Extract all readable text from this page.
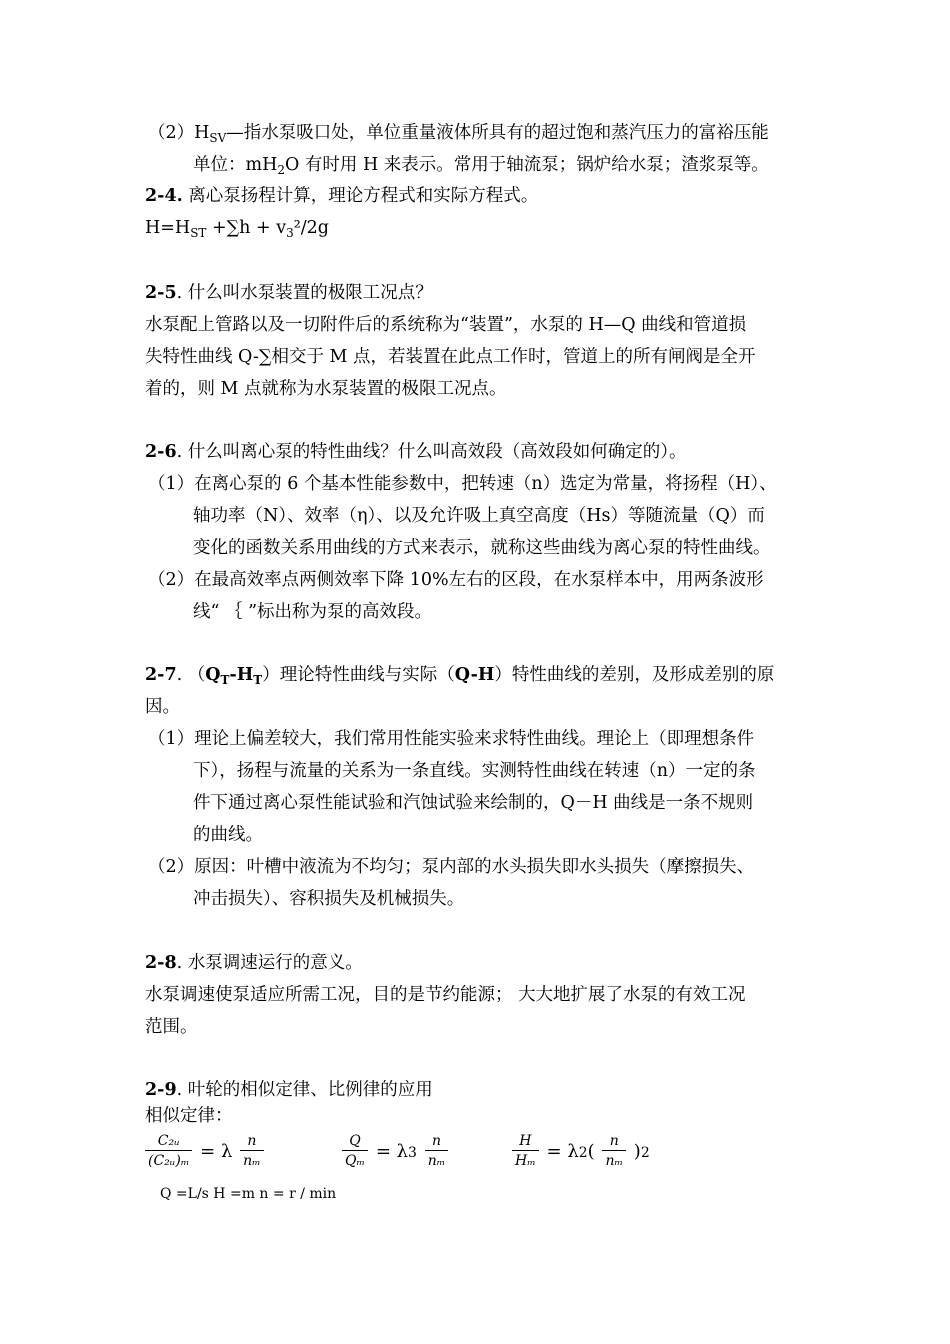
$(2)H_{SV}—$指水泵吸口处，单位重量液体所具有的超过饱和蒸汽压力的富裕压能
单位：$mH_2O$ 有时用 H 来表示。常用于轴流泵；锅炉给水泵；渣浆泵等。
2-4. 离心泵扬程计算，理论方程式和实际方程式。
$H=H_{ST} +\sum h + v_3^2/2g$
2-5. 什么叫水泵装置的极限工况点？
水泵配上管路以及一切附件后的系统称为“装置”，水泵的 H—Q 曲线和管道损
失特性曲线 Q-∑相交于 M 点，若装置在此点工作时，管道上的所有闸阀是全开
着的，则 M 点就称为水泵装置的极限工况点。
2-6. 什么叫离心泵的特性曲线？什么叫高效段（高效段如何确定的）。
（1）在离心泵的 6 个基本性能参数中，把转速（n）选定为常量，将扬程（H）、
轴功率（N）、效率（η）、以及允许吸上真空高度（Hs）等随流量（Q）而
变化的函数关系用曲线的方式来表示，就称这些曲线为离心泵的特性曲线。
（2）在最高效率点两侧效率下降 10%左右的区段，在水泵样本中，用两条波形
线“ ｛ ”标出称为泵的高效段。
2-7. $(Q_T-H_T)$理论特性曲线与实际（Q-H）特性曲线的差别，及形成差别的原
因。
（1）理论上偏差较大，我们常用性能实验来求特性曲线。理论上（即理想条件
下），扬程与流量的关系为一条直线。实测特性曲线在转速（n）一定的条
件下通过离心泵性能试验和汽蚀试验来绘制的，Q－H 曲线是一条不规则
的曲线。
（2）原因：叶槽中液流为不均匀；泵内部的水头损失即水头损失（摩擦损失、
冲击损失）、容积损失及机械损失。
2-8. 水泵调速运行的意义。
水泵调速使泵适应所需工况，目的是节约能源； 大大地扩展了水泵的有效工况
范围。
2-9. 叶轮的相似定律、比例律的应用
相似定律：
$\frac{\text{C₂ᵤ}}{\text{(C₂ᵤ)ₘ}} = \lambda \frac{n}{\text{nₘ}}$	$\frac{Q}{\text{Qₘ}} = \lambda 3 \frac{n}{\text{nₘ}}$	$\frac{H}{\text{Hₘ}} = \lambda 2( \frac{n}{\text{nₘ}} )2$
Q =L/s H =m n = r / min
